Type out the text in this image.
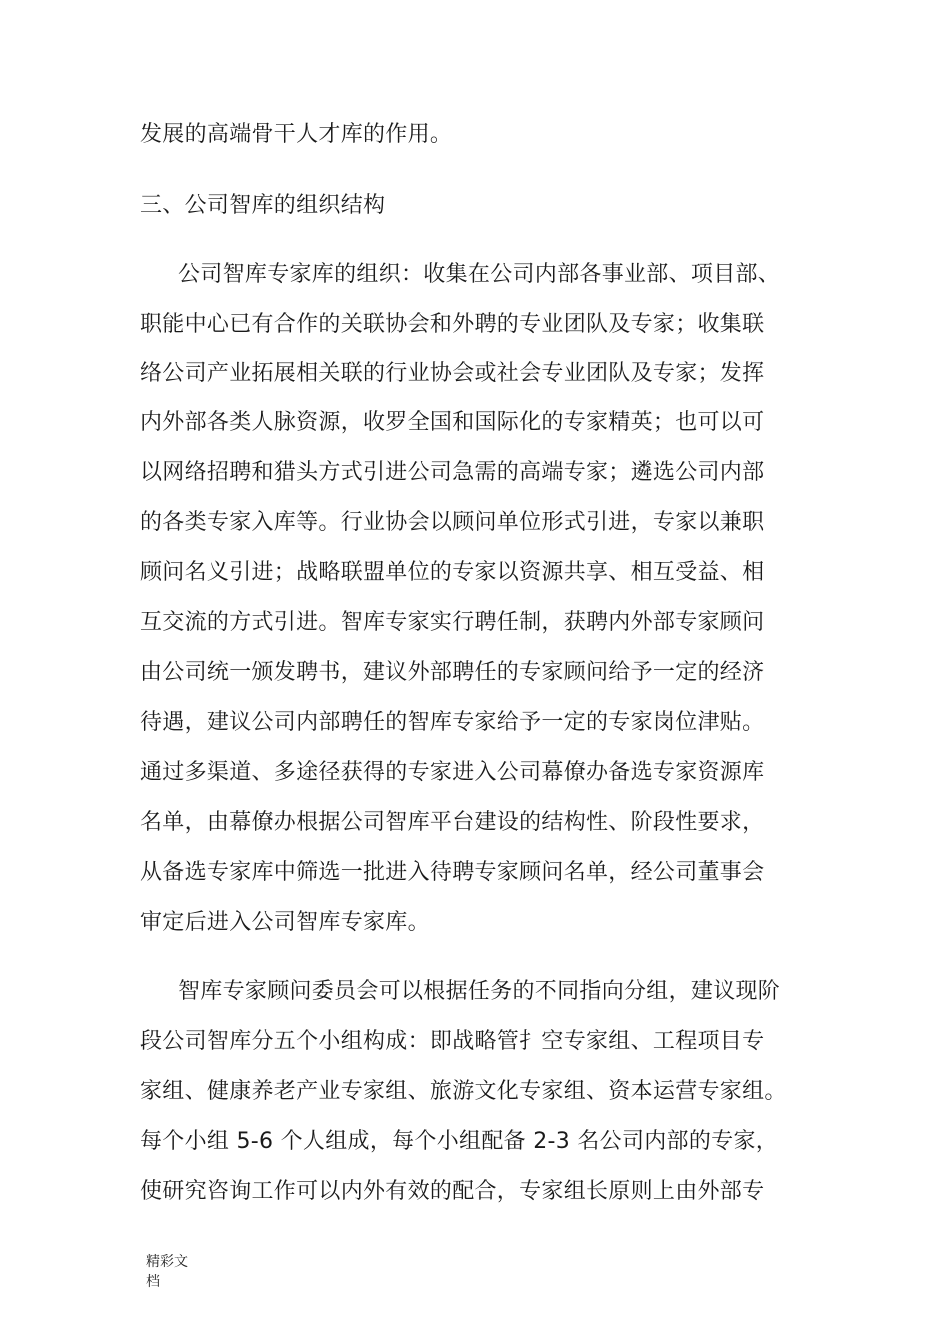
发展的高端骨干人才库的作用。
三、公司智库的组织结构
公司智库专家库的组织：收集在公司内部各事业部、项目部、
职能中心已有合作的关联协会和外聘的专业团队及专家；收集联
络公司产业拓展相关联的行业协会或社会专业团队及专家；发挥
内外部各类人脉资源，收罗全国和国际化的专家精英；也可以可
以网络招聘和猎头方式引进公司急需的高端专家；遴选公司内部
的各类专家入库等。行业协会以顾问单位形式引进，专家以兼职
顾问名义引进；战略联盟单位的专家以资源共享、相互受益、相
互交流的方式引进。智库专家实行聘任制，获聘内外部专家顾问
由公司统一颁发聘书，建议外部聘任的专家顾问给予一定的经济
待遇，建议公司内部聘任的智库专家给予一定的专家岗位津贴。
通过多渠道、多途径获得的专家进入公司幕僚办备选专家资源库
名单，由幕僚办根据公司智库平台建设的结构性、阶段性要求，
从备选专家库中筛选一批进入待聘专家顾问名单，经公司董事会
审定后进入公司智库专家库。
智库专家顾问委员会可以根据任务的不同指向分组，建议现阶
段公司智库分五个小组构成：即战略管扌空专家组、工程项目专
家组、健康养老产业专家组、旅游文化专家组、资本运营专家组。
每个小组 5-6 个人组成，每个小组配备 2-3 名公司内部的专家，
使研究咨询工作可以内外有效的配合，专家组长原则上由外部专
精彩文
档
